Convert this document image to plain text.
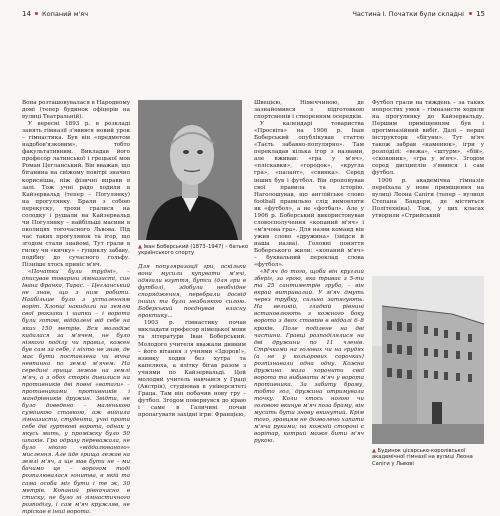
14 Копаний м'яч	Частина І. Початки були складні 15

Вона розташовувалася в Народному домі (тепер будинок офіцерів на вулиці Театральній).

У вересні 1893 р. в розкладі занять гімназії з'явився новий урок – гімнастика. Був він «предметом надобов'язковим», тобто факультативним. Викладав його професор латинської і грецької мов Роман Цегланський. Він вважав, що біганина на свіжому повітрі значно корисніша, ніж фізичні вправи в залі. Тож учні радо ходили в Кайзервальд (тепер – Погулянку) на прогулянку. Брали з собою перекуску, трохи гралися на солодку і рушали на Кайзервальд чи Погулянку – найбільші масиви в околицях тогочасного Львова. Під час таких прогулянок та ігор, що згодом стали знайомі, Тут грали в гилку чи «кичку» – гущиклу забаву, подібну до сучасного гольфу. Пізніше хтось приніс м'яч.

«Початки були трудні», – описував товариш гімназисті, син Івана Франка, Тарас. – Цегланський не знав, що з ним робити. Найбільше було з усталенням воріт. Хлопці накидали на землю свої рюкзаки і шапки – і ворота були готові, віддалені від себе на яких 150 метрів. Вся молодіж кидалася за м'ячем, не було ніякого поділу чи правил, кожен був сам за себе, і ніхто не знав, де має бути поставлена чи вічна невпинна по землі м'ячем. На середині грища лежав на землі м'яч, а з обох сторін дивилися на противників дві повні «ватаги» – противниками противників і мандрівників дружин. Звідти, не було доведено – маленькою сумішкою ставкою, аж вийшла гімназисти, студенти, учні проти себе дві гурткові ворота, однак у якусь мить, у проміжку було 50 шпаків. Гра одразу переважала, не було нікого «віддалюваного» мислення. Але йде грища лежав на землі м'яч, а ще мав бути не – ми бачимо це – ворогом тоді розпалювалася гонитва, в якій та сама особа міг бути і те ж, 30 метрів. Копаний рівночасно в стиску, не було ні гімнастичного розподілу, і сам м'яч кружляв, не тріскав в інші ворота.

▲ Іван Боберський (1873–1947) – батько українського спорту

Для популяризації гри, оскільки вони мусили купувати м'ячі, одягали взуття, бутси (для гри в футбол), здобули необхідне спорядження, перебрали досвід інших та були неабиякою силою. Боберський поєднував власну практику...

1903 р. гімнастику почав викладати професор німецької мови та літератури Іван Боберський. Молодого учителя вважали дивним – його вітання з учнями «Здоров!», взимку ходив без хутра та капелюха, а влітку бігав разом з учнями по Кайзервальді. Цей молодий учитель навчався у Граці (Австрія), студіював в університеті Граца. Там він побачив нову гру – футбол. Згодом повернувся до краю і саме в Галичині почав пропагувати західні ігри: Францією,

Швецією, Німеччиною, де зазнайомився з підготовкою спортсменів і створенням осередків.

У календарі товариства «Просвіта» на 1906 р. Іван Боберський опублікував статтю «Таєть забавно-популярно». Там перекладав кілька ігор з назвами, але вживав: «гра у м'яч», «пліскавки», «городок», «кругла гра», «палант», «свинка». Серед інших був і футбол. Він пропонував свої правила та історію. Наголошував, що англійське слово football правильно слід вимовляти як «футбол», а не «фотбал». Але у 1906 р. Боберський використовував словосполучення «копаний м'яч» і «м'ячова гра». Для назви команд він ужив слово «дружина» (звідси й наша назва). Головні поняття Боберського жили: «копаний м'яч» – буквальний переклад слова «футбол».

«М'яч до того, щоби він круглий зберіг, за грою, яка триває з 5-ти та 25 сантиметрів груба, – він вкрай витривалий. У м'яч дмуть через трубку, сильно затягують. На великій, гладкій рівнині встановлюють з кожного боку ворота з двох стовпів в віддалі 6–8 кроків. Поле поділене на дві частини. Гравці розподілялися на дві дружини по 11 членів. Стрічками на головах чи на грудях (а не у кольорових сорочках) розпізнавали одна одну. Кожна дружина мала хоронити свої ворота та вибивати м'яч у ворота противника. За забиту браму, тобто гол, дружина отримувала точку. Коли хтось ногою чи головою вкинув м'яч поза браму, він мусить бути знову вкинутий. Крім того, гравцям не дозволено хапати м'яча руками; на кожній стороні є ворітар, котрий може бити м'яч рукою.

Футбол грали на тиждень – за таких непростих умов – гімназисти ходили на прогулянку до Кайзервальду. Першим приміщенням був і прогімназійний вибіг. Далі – перші інструктори «бігуни». Тут м'яч також забрав «каменюк», ігри у розподілі: «вежа», «штурм», «бій», «сковоник», «гра у м'яч». Згодом серед дисциплін з'явився і сам футбол.

1906 р. академічна гімназія переїхала у нове приміщення на вулиці Леона Сапіги (тепер – вулиця Степана Бандери, де міститься Політехніка). Тож, у цих класах утворили «Стрийський

▲ Будинок цісарсько-королівської академічної гімназії на вулиці Леона Сапіги у Львові
